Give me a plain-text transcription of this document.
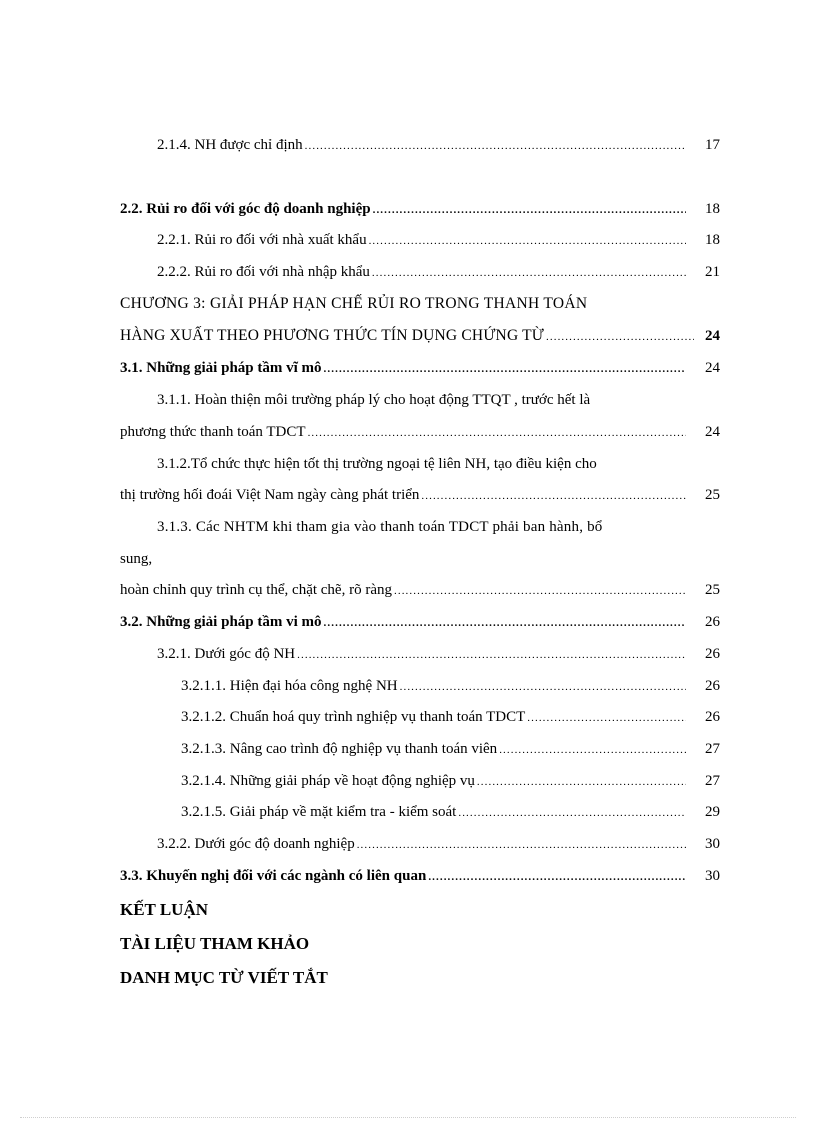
2.1.4. NH được chỉ định .....	17
2.2. Rủi ro đối với góc độ doanh nghiệp .....	18
2.2.1. Rủi ro đối với nhà xuất khẩu .....	18
2.2.2. Rủi ro đối với nhà nhập khẩu .....	21
CHƯƠNG 3: GIẢI PHÁP HẠN CHẾ RỦI RO TRONG THANH TOÁN
HÀNG XUẤT THEO PHƯƠNG THỨC TÍN DỤNG CHỨNG TỪ .....	24
3.1. Những giải pháp tầm vĩ mô .....	24
3.1.1. Hoàn thiện môi trường pháp lý cho hoạt động TTQT , trước hết là
phương thức thanh toán TDCT .....	24
3.1.2.Tổ chức thực hiện tốt thị trường ngoại tệ liên NH, tạo điều kiện cho
thị trường hối đoái Việt Nam ngày càng phát triển .....	25
3.1.3. Các NHTM khi tham gia vào thanh toán TDCT phải ban hành, bổ
sung,
hoàn chỉnh quy trình cụ thể, chặt chẽ, rõ ràng .....	25
3.2. Những giải pháp tầm vi mô .....	26
3.2.1. Dưới góc độ NH .....	26
3.2.1.1. Hiện đại hóa công nghệ NH .....	26
3.2.1.2. Chuẩn hoá quy trình nghiệp vụ thanh toán TDCT .....	26
3.2.1.3. Nâng cao trình độ nghiệp vụ thanh toán viên .....	27
3.2.1.4. Những giải pháp về hoạt động nghiệp vụ .....	27
3.2.1.5. Giải pháp về mặt kiểm tra - kiểm soát .....	29
3.2.2. Dưới góc độ doanh nghiệp .....	30
3.3. Khuyến nghị đối với các ngành có liên quan .....	30
KẾT LUẬN
TÀI LIỆU THAM KHẢO
DANH MỤC TỪ VIẾT TẮT
